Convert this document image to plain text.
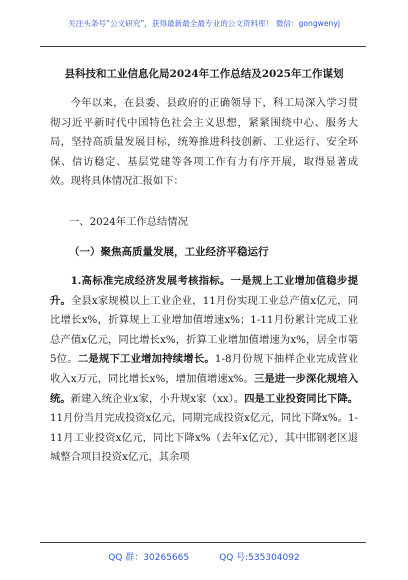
关注头条号“公文研究”，获得最新最全最专业的公文资料库！ 微信：gongwenyj
县科技和工业信息化局2024年工作总结及2025年工作谋划

今年以来，在县委、县政府的正确领导下，科工局深入学习贯彻习近平新时代中国特色社会主义思想，紧紧围绕中心、服务大局，坚持高质量发展目标，统筹推进科技创新、工业运行、安全环保、信访稳定、基层党建等各项工作有力有序开展，取得显著成效。现将具体情况汇报如下：

一、2024年工作总结情况
（一）聚焦高质量发展，工业经济平稳运行

1.高标准完成经济发展考核指标。一是规上工业增加值稳步提升。全县x家规模以上工业企业，11月份实现工业总产值x亿元，同比增长x%，折算规上工业增加值增速x%；1-11月份累计完成工业总产值x亿元，同比增长x%，折算工业增加值增速为x%，居全市第5位。二是规下工业增加持续增长。1-8月份规下抽样企业完成营业收入x万元，同比增长x%，增加值增速x%。三是进一步深化规培入统。新建入统企业x家，小升规x家（xx）。四是工业投资同比下降。11月份当月完成投资x亿元，同期完成投资x亿元，同比下降x%。1-11月工业投资x亿元，同比下降x%（去年x亿元），其中邯钢老区退城整合项目投资x亿元，其余项

QQ 群：30265665	QQ 号:535304092
